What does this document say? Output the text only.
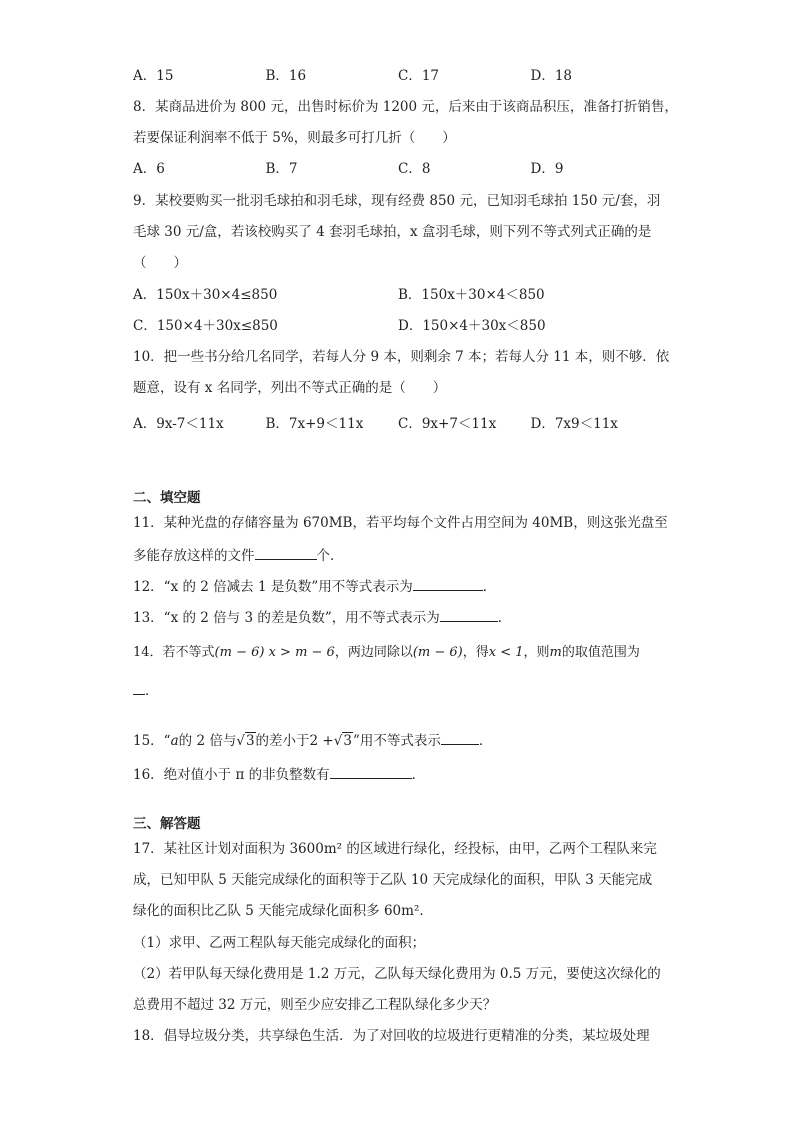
A．15	B．16	C．17	D．18
8．某商品进价为 800 元，出售时标价为 1200 元，后来由于该商品积压，准备打折销售，
若要保证利润率不低于 5%，则最多可打几折（　　）
A．6	B．7	C．8	D．9
9．某校要购买一批羽毛球拍和羽毛球，现有经费 850 元，已知羽毛球拍 150 元/套，羽
毛球 30 元/盒，若该校购买了 4 套羽毛球拍，x 盒羽毛球，则下列不等式列式正确的是
（　　）
A．150x＋30×4≤850	B．150x＋30×4＜850
C．150×4＋30x≤850	D．150×4＋30x＜850
10．把一些书分给几名同学，若每人分 9 本，则剩余 7 本；若每人分 11 本，则不够．依
题意，设有 x 名同学，列出不等式正确的是（　　）
A．9x-7＜11x	B．7x+9＜11x	C．9x+7＜11x	D．7x9＜11x
二、填空题
11．某种光盘的存储容量为 670MB，若平均每个文件占用空间为 40MB，则这张光盘至
多能存放这样的文件	个．
12．“x 的 2 倍减去 1 是负数”用不等式表示为	．
13．“x 的 2 倍与 3 的差是负数”，用不等式表示为	．
14．若不等式(m − 6) x > m − 6，两边同除以(m − 6)，得x < 1，则m的取值范围为
．
15．“a的 2 倍与√3的差小于2 +√3”用不等式表示	．
16．绝对值小于 π 的非负整数有	．
三、解答题
17．某社区计划对面积为 3600m² 的区域进行绿化，经投标，由甲，乙两个工程队来完
成，已知甲队 5 天能完成绿化的面积等于乙队 10 天完成绿化的面积，甲队 3 天能完成
绿化的面积比乙队 5 天能完成绿化面积多 60m²．
（1）求甲、乙两工程队每天能完成绿化的面积；
（2）若甲队每天绿化费用是 1.2 万元，乙队每天绿化费用为 0.5 万元，要使这次绿化的
总费用不超过 32 万元，则至少应安排乙工程队绿化多少天？
18．倡导垃圾分类，共享绿色生活．为了对回收的垃圾进行更精准的分类，某垃圾处理
